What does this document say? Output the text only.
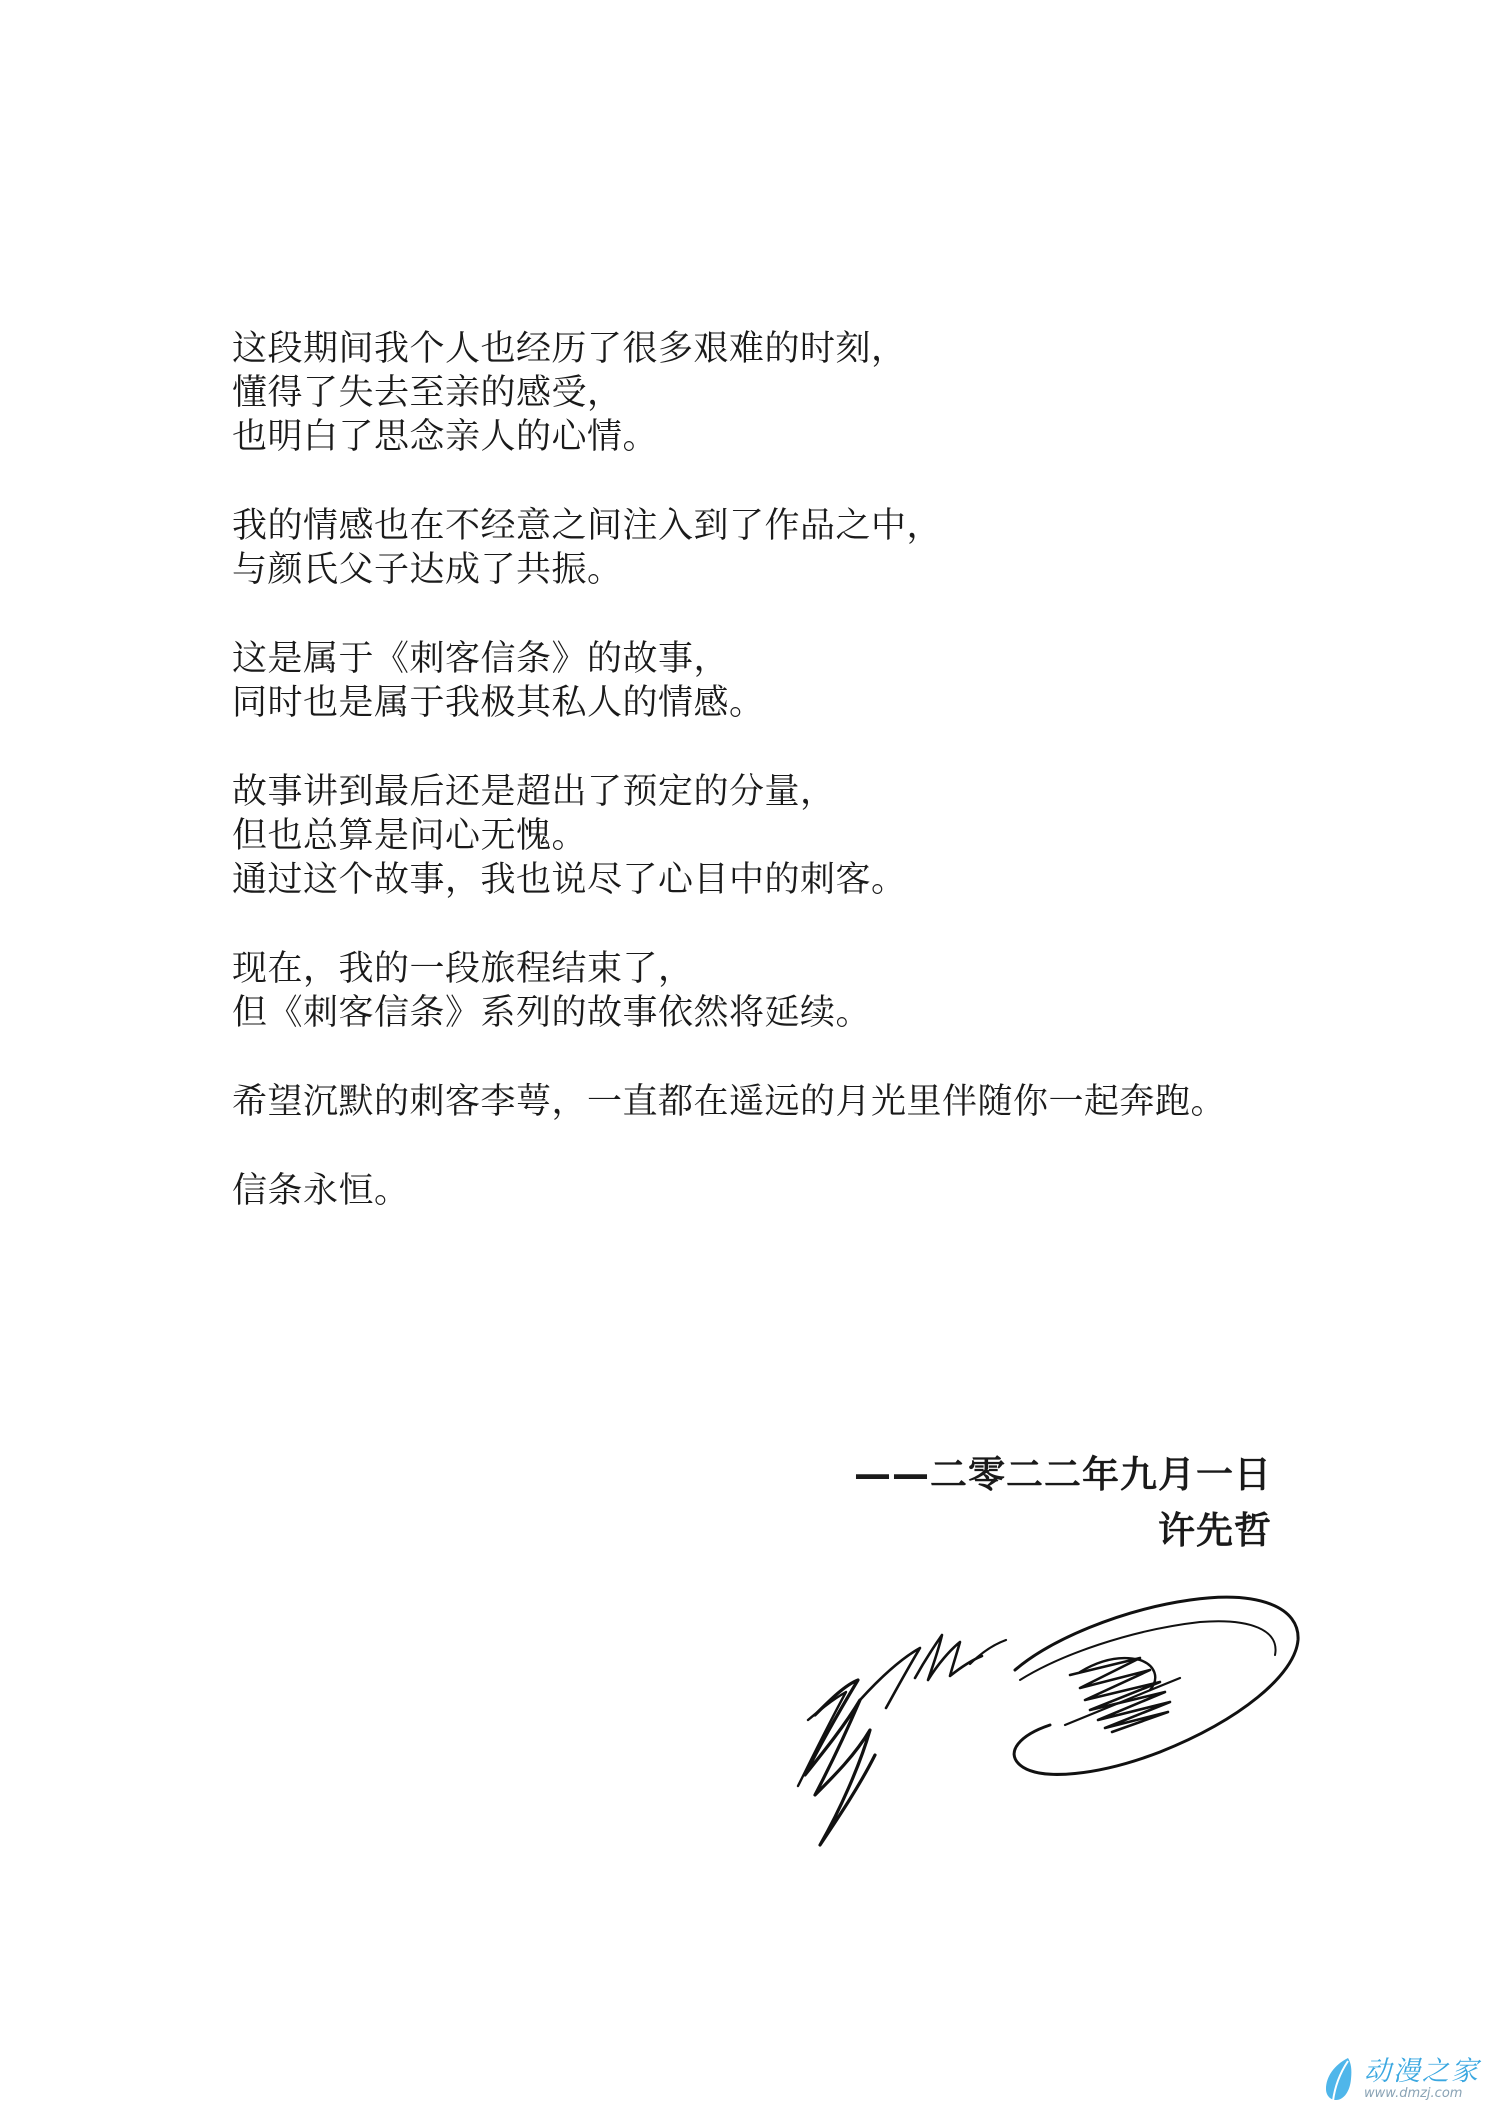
这段期间我个人也经历了很多艰难的时刻，
懂得了失去至亲的感受，
也明白了思念亲人的心情。
我的情感也在不经意之间注入到了作品之中，
与颜氏父子达成了共振。
这是属于《刺客信条》的故事，
同时也是属于我极其私人的情感。
故事讲到最后还是超出了预定的分量，
但也总算是问心无愧。
通过这个故事，我也说尽了心目中的刺客。
现在，我的一段旅程结束了，
但《刺客信条》系列的故事依然将延续。
希望沉默的刺客李萼，一直都在遥远的月光里伴随你一起奔跑。
信条永恒。
——二零二二年九月一日
许先哲
动漫之家
www.dmzj.com
